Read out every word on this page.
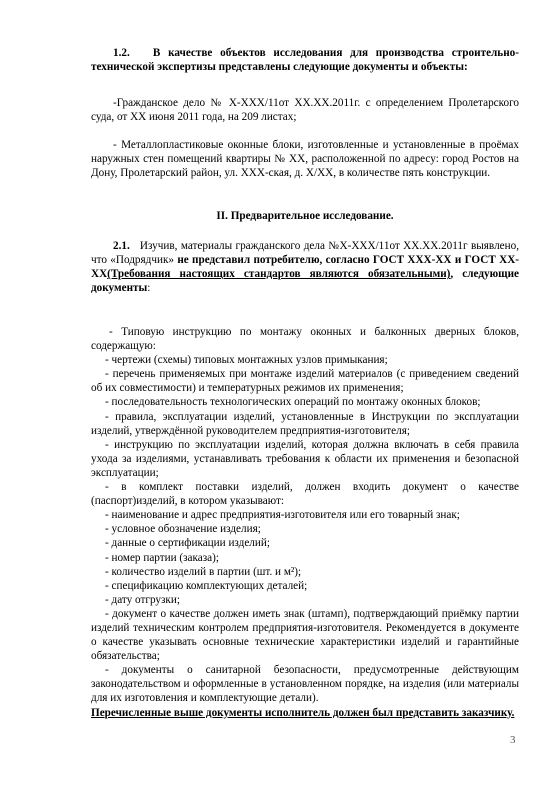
1.2. В качестве объектов исследования для производства строительно-технической экспертизы представлены следующие документы и объекты:

-Гражданское дело № Х-ХХХ/11от ХХ.ХХ.2011г. с определением Пролетарского суда, от ХХ июня 2011 года, на 209 листах;

- Металлопластиковые оконные блоки, изготовленные и установленные в проёмах наружных стен помещений квартиры № ХХ, расположенной по адресу: город Ростов на Дону, Пролетарский район, ул. ХХХ-ская, д. Х/ХХ, в количестве пять конструкции.

II. Предварительное исследование.

2.1. Изучив, материалы гражданского дела №Х-ХХХ/11от ХХ.ХХ.2011г выявлено, что «Подрядчик» не представил потребителю, согласно ГОСТ ХХХ-ХХ и ГОСТ ХХ-ХХ(Требования настоящих стандартов являются обязательными), следующие документы:

- Типовую инструкцию по монтажу оконных и балконных дверных блоков, содержащую:

- чертежи (схемы) типовых монтажных узлов примыкания;

- перечень применяемых при монтаже изделий материалов (с приведением сведений об их совместимости) и температурных режимов их применения;

- последовательность технологических операций по монтажу оконных блоков;

- правила, эксплуатации изделий, установленные в Инструкции по эксплуатации изделий, утверждённой руководителем предприятия-изготовителя;

- инструкцию по эксплуатации изделий, которая должна включать в себя правила ухода за изделиями, устанавливать требования к области их применения и безопасной эксплуатации;

- в комплект поставки изделий, должен входить документ о качестве (паспорт)изделий, в котором указывают:

- наименование и адрес предприятия-изготовителя или его товарный знак;

- условное обозначение изделия;

- данные о сертификации изделий;

- номер партии (заказа);

- количество изделий в партии (шт. и м²);

- спецификацию комплектующих деталей;

- дату отгрузки;

- документ о качестве должен иметь знак (штамп), подтверждающий приёмку партии изделий техническим контролем предприятия-изготовителя. Рекомендуется в документе о качестве указывать основные технические характеристики изделий и гарантийные обязательства;

- документы о санитарной безопасности, предусмотренные действующим законодательством и оформленные в установленном порядке, на изделия (или материалы для их изготовления и комплектующие детали).

Перечисленные выше документы исполнитель должен был представить заказчику.

3
